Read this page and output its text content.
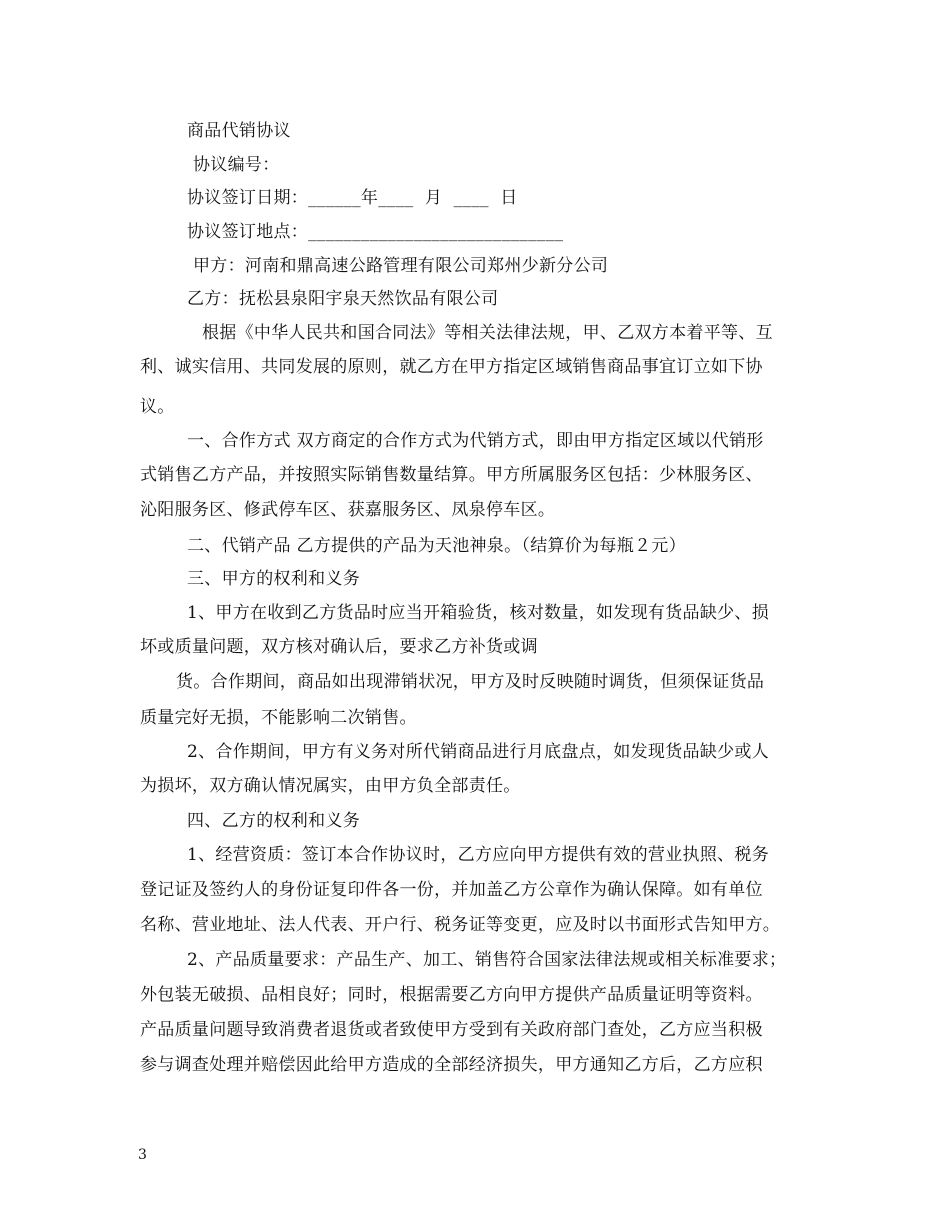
商品代销协议
协议编号：
协议签订日期：______年____ 月 ____ 日
协议签订地点：_____________________________
甲方：河南和鼎高速公路管理有限公司郑州少新分公司
乙方：抚松县泉阳宇泉天然饮品有限公司
根据《中华人民共和国合同法》等相关法律法规，甲、乙双方本着平等、互
利、诚实信用、共同发展的原则，就乙方在甲方指定区域销售商品事宜订立如下协
议。
一、合作方式 双方商定的合作方式为代销方式，即由甲方指定区域以代销形
式销售乙方产品，并按照实际销售数量结算。甲方所属服务区包括：少林服务区、
沁阳服务区、修武停车区、获嘉服务区、凤泉停车区。
二、代销产品 乙方提供的产品为天池神泉。（结算价为每瓶２元）
三、甲方的权利和义务
1、甲方在收到乙方货品时应当开箱验货，核对数量，如发现有货品缺少、损
坏或质量问题，双方核对确认后，要求乙方补货或调
货。合作期间，商品如出现滞销状况，甲方及时反映随时调货，但须保证货品
质量完好无损，不能影响二次销售。
2、合作期间，甲方有义务对所代销商品进行月底盘点，如发现货品缺少或人
为损坏，双方确认情况属实，由甲方负全部责任。
四、乙方的权利和义务
1、经营资质：签订本合作协议时，乙方应向甲方提供有效的营业执照、税务
登记证及签约人的身份证复印件各一份，并加盖乙方公章作为确认保障。如有单位
名称、营业地址、法人代表、开户行、税务证等变更，应及时以书面形式告知甲方。
2、产品质量要求：产品生产、加工、销售符合国家法律法规或相关标准要求；
外包装无破损、品相良好；同时，根据需要乙方向甲方提供产品质量证明等资料。
产品质量问题导致消费者退货或者致使甲方受到有关政府部门查处，乙方应当积极
参与调查处理并赔偿因此给甲方造成的全部经济损失，甲方通知乙方后，乙方应积
3
